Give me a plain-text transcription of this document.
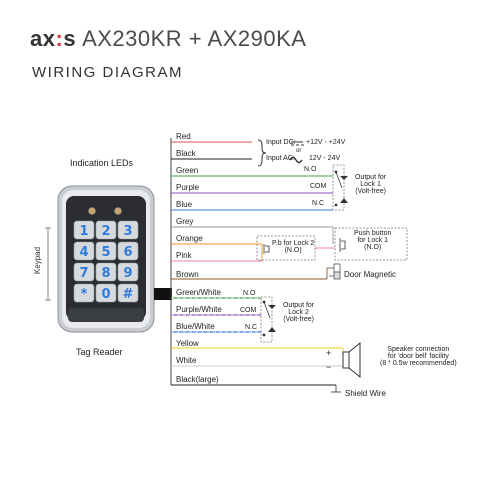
ax:s AX230KR + AX290KA
WIRING DIAGRAM
1 2 3
4 5 6
7 8 9
* 0 #
Indication LEDs
Keypad
Tag Reader
Red
Black
Green
Purple
Blue
Grey
Orange
Pink
Brown
Green/White
Purple/White
Blue/White
Yellow
White
Black(large)
Input DC: +12V - +24V
or
Input AC: 12V - 24V
N.O
COM
N.C
Output for
Lock 1
(Volt-free)
P.b for Lock 2
(N.O)
Push button
for Lock 1
(N.O)
Door Magnetic
N.O
COM
N.C
Output for
Lock 2
(Volt-free)
+
−
Speaker connection
for 'door bell' facility
(8 * 0.5w recommended)
Shield Wire
